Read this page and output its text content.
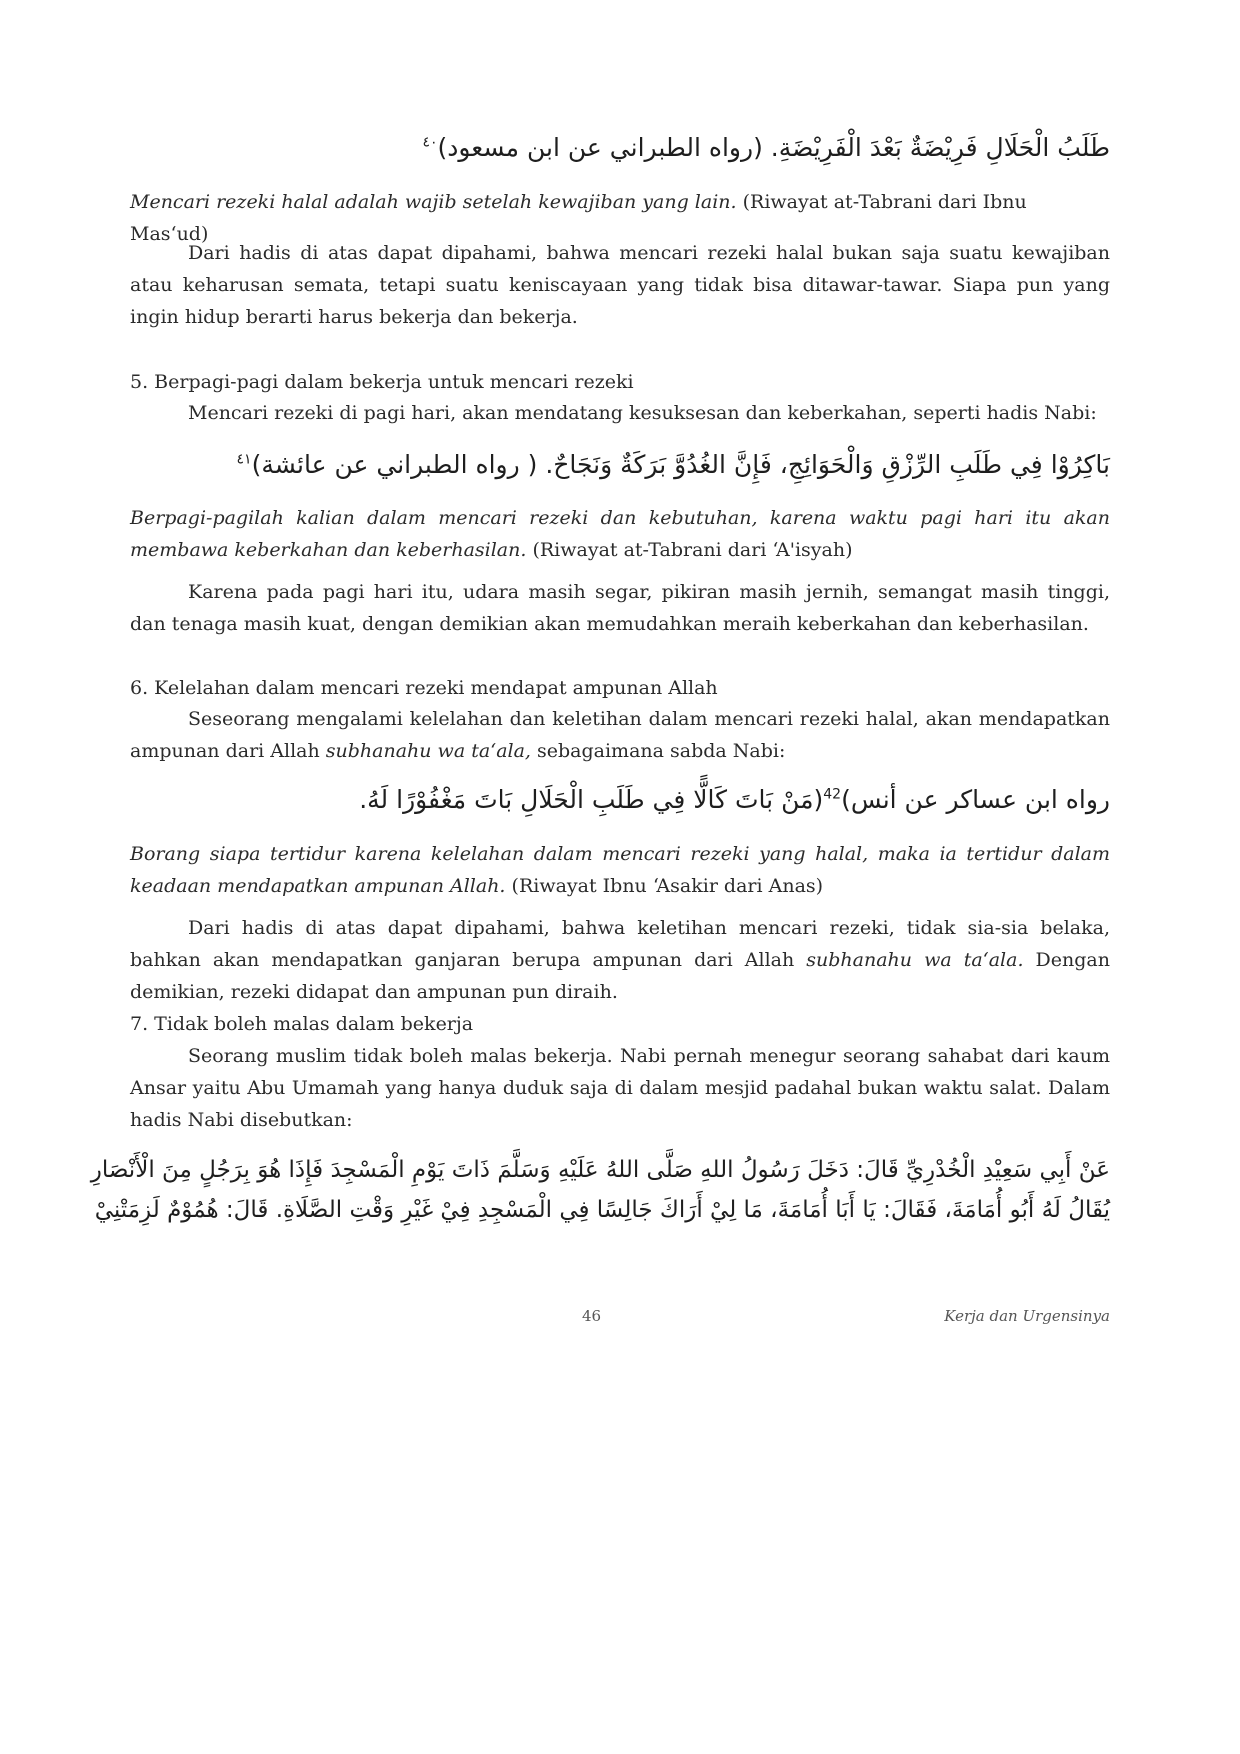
طَلَبُ الْحَلَالِ فَرِيْضَةٌ بَعْدَ الْفَرِيْضَةِ. (رواه الطبراني عن ابن مسعود)$^{٤٠}$
Mencari rezeki halal adalah wajib setelah kewajiban yang lain. (Riwayat at-Tabrani dari Ibnu Mas‘ud)
Dari hadis di atas dapat dipahami, bahwa mencari rezeki halal bukan saja suatu kewajiban atau keharusan semata, tetapi suatu keniscayaan yang tidak bisa ditawar-tawar. Siapa pun yang ingin hidup berarti harus bekerja dan bekerja.
5. Berpagi-pagi dalam bekerja untuk mencari rezeki
Mencari rezeki di pagi hari, akan mendatang kesuksesan dan keberkahan, seperti hadis Nabi:
بَاكِرُوْا فِي طَلَبِ الرِّزْقِ وَالْحَوَائِجِ، فَإِنَّ الغُدُوَّ بَرَكَةٌ وَنَجَاحٌ. ( رواه الطبراني عن عائشة)$^{٤١}$
Berpagi-pagilah kalian dalam mencari rezeki dan kebutuhan, karena waktu pagi hari itu akan membawa keberkahan dan keberhasilan. (Riwayat at-Tabrani dari ‘A'isyah)
Karena pada pagi hari itu, udara masih segar, pikiran masih jernih, semangat masih tinggi, dan tenaga masih kuat, dengan demikian akan memudahkan meraih keberkahan dan keberhasilan.
6. Kelelahan dalam mencari rezeki mendapat ampunan Allah
Seseorang mengalami kelelahan dan keletihan dalam mencari rezeki halal, akan mendapatkan ampunan dari Allah subhanahu wa ta‘ala, sebagaimana sabda Nabi:
رواه ابن عساكر عن أنس)$^{42}$(مَنْ بَاتَ كَالًّا فِي طَلَبِ الْحَلَالِ بَاتَ مَغْفُوْرًا لَهُ.
Borang siapa tertidur karena kelelahan dalam mencari rezeki yang halal, maka ia tertidur dalam keadaan mendapatkan ampunan Allah. (Riwayat Ibnu ‘Asakir dari Anas)
Dari hadis di atas dapat dipahami, bahwa keletihan mencari rezeki, tidak sia-sia belaka, bahkan akan mendapatkan ganjaran berupa ampunan dari Allah subhanahu wa ta‘ala. Dengan demikian, rezeki didapat dan ampunan pun diraih.
7. Tidak boleh malas dalam bekerja
Seorang muslim tidak boleh malas bekerja. Nabi pernah menegur seorang sahabat dari kaum Ansar yaitu Abu Umamah yang hanya duduk saja di dalam mesjid padahal bukan waktu salat. Dalam hadis Nabi disebutkan:
عَنْ أَبِي سَعِيْدِ الْخُدْرِيِّ قَالَ: دَخَلَ رَسُولُ اللهِ صَلَّى اللهُ عَلَيْهِ وَسَلَّمَ ذَاتَ يَوْمِ الْمَسْجِدَ فَإِذَا هُوَ بِرَجُلٍ مِنَ الْأَنْصَارِ
يُقَالُ لَهُ أَبُو أُمَامَةَ، فَقَالَ: يَا أَبَا أُمَامَةَ، مَا لِيْ أَرَاكَ جَالِسًا فِي الْمَسْجِدِ فِيْ غَيْرِ وَقْتِ الصَّلَاةِ. قَالَ: هُمُوْمٌ لَزِمَتْنِيْ
46	Kerja dan Urgensinya
